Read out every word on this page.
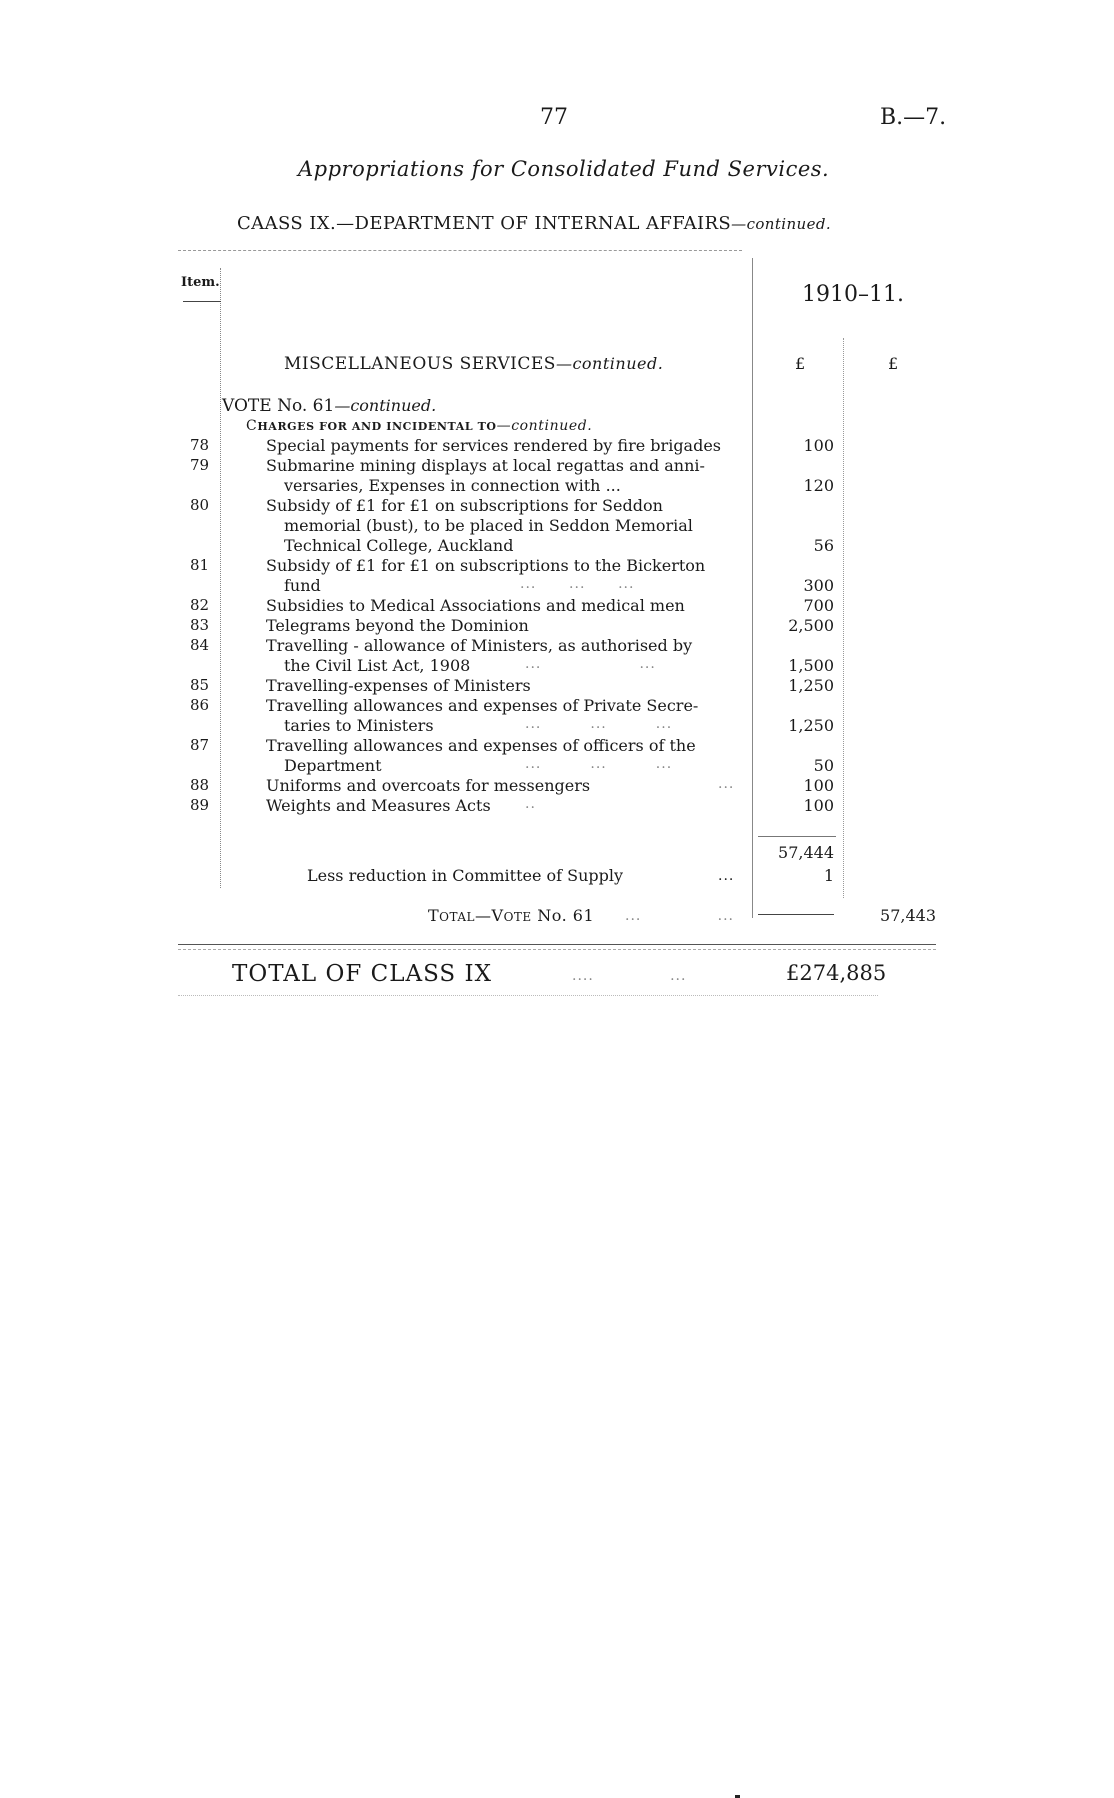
77	B.—7.
Appropriations for Consolidated Fund Services.
CAASS IX.—DEPARTMENT OF INTERNAL AFFAIRS—continued.
Item.	1910–11.
MISCELLANEOUS SERVICES—continued.	£	£
VOTE No. 61—continued.
CHARGES FOR AND INCIDENTAL TO—continued.
78	Special payments for services rendered by fire brigades	100
79	Submarine mining displays at local regattas and anni-
versaries, Expenses in connection with ...	120
80	Subsidy of £1 for £1 on subscriptions for Seddon
memorial (bust), to be placed in Seddon Memorial
Technical College, Auckland	56
81	Subsidy of £1 for £1 on subscriptions to the Bickerton
fund	...      ...      ...	300
82	Subsidies to Medical Associations and medical men	700
83	Telegrams beyond the Dominion	2,500
84	Travelling - allowance of Ministers, as authorised by
the Civil List Act, 1908	...                  ...	1,500
85	Travelling-expenses of Ministers	1,250
86	Travelling allowances and expenses of Private Secre-
taries to Ministers	...         ...         ...	1,250
87	Travelling allowances and expenses of officers of the
Department	...         ...         ...	50
88	Uniforms and overcoats for messengers	...	100
89	Weights and Measures Acts	..	100
57,444
Less reduction in Committee of Supply	...	1
TOTAL—VOTE No. 61 ...              ...	57,443
TOTAL OF CLASS IX	....              ...	£274,885
